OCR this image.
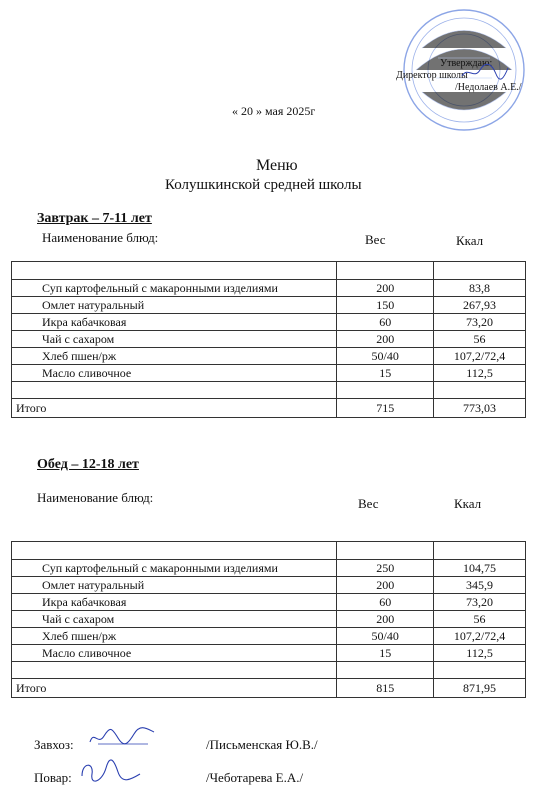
Утверждаю:
Директор школы
/Недолаев А.Е./
« 20 » мая 2025г
Меню
Колушкинской средней школы
Завтрак – 7-11 лет
Наименование блюд:	Вес	Ккал

Суп картофельный с макаронными изделиями	200	83,8
Омлет натуральный	150	267,93
Икра кабачковая	60	73,20
Чай с сахаром	200	56
Хлеб пшен/рж	50/40	107,2/72,4
Масло сливочное	15	112,5

Итого	715	773,03
Обед – 12-18 лет
Наименование блюд:	Вес	Ккал

Суп картофельный с макаронными изделиями	250	104,75
Омлет натуральный	200	345,9
Икра кабачковая	60	73,20
Чай с сахаром	200	56
Хлеб пшен/рж	50/40	107,2/72,4
Масло сливочное	15	112,5

Итого	815	871,95
Завхоз:	/Письменская Ю.В./
Повар:	/Чеботарева Е.А./
